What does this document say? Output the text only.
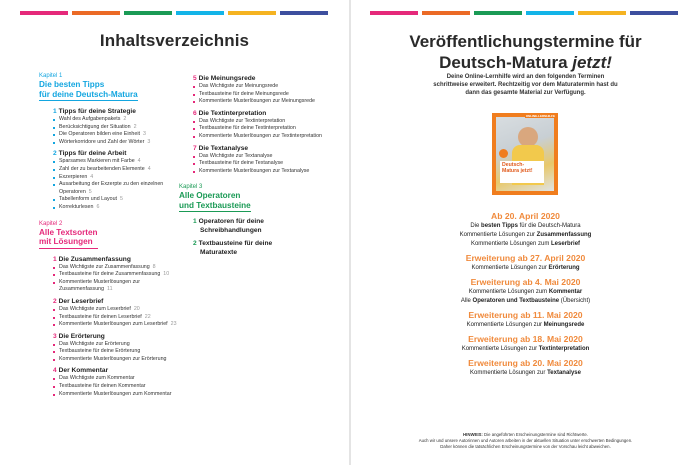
Inhaltsverzeichnis
Kapitel 1
Die besten Tipps
für deine Deutsch-Matura
1 Tipps für deine Strategie
Wahl des Aufgabenpakets 2
Berücksichtigung der Situation 2
Die Operatoren bilden eine Einheit 3
Wörterkorridore und Zahl der Wörter 3
2 Tipps für deine Arbeit
Sparsames Markieren mit Farbe 4
Zahl der zu bearbeitenden Elemente 4
Exzerpieren 4
Ausarbeitung der Exzerpte zu den einzelnen Operatoren 5
Tabellenform und Layout 5
Korrekturlesen 6
Kapitel 2
Alle Textsorten
mit Lösungen
1 Die Zusammenfassung
Das Wichtigste zur Zusammenfassung 8
Textbausteine für deine Zusammenfassung 10
Kommentierte Musterlösungen zur Zusammenfassung 11
2 Der Leserbrief
Das Wichtigste zum Leserbrief 20
Textbausteine für deinen Leserbrief 22
Kommentierte Musterlösungen zum Leserbrief 23
3 Die Erörterung
Das Wichtigste zur Erörterung
Textbausteine für deine Erörterung
Kommentierte Musterlösungen zur Erörterung
4 Der Kommentar
Das Wichtigste zum Kommentar
Textbausteine für deinen Kommentar
Kommentierte Musterlösungen zum Kommentar
5 Die Meinungsrede
Das Wichtigste zur Meinungsrede
Textbausteine für deine Meinungsrede
Kommentierte Musterlösungen zur Meinungsrede
6 Die Textinterpretation
Das Wichtigste zur Textinterpretation
Textbausteine für deine Textinterpretation
Kommentierte Musterlösungen zur Textinterpretation
7 Die Textanalyse
Das Wichtigste zur Textanalyse
Textbausteine für deine Textanalyse
Kommentierte Musterlösungen zur Textanalyse
Kapitel 3
Alle Operatoren
und Textbausteine
1 Operatoren für deine
Schreibhandlungen
2 Textbausteine für deine
Maturatexte
Veröffentlichungstermine für
Deutsch-Matura jetzt!
Deine Online-Lernhilfe wird an den folgenden Terminen
schrittweise erweitert. Rechtzeitig vor dem Maturatermin hast du
dann das gesamte Material zur Verfügung.
Deutsch-
Matura jetzt!
ONLINE-LERNHILFE
Ab 20. April 2020
Die besten Tipps für die Deutsch-Matura
Kommentierte Lösungen zur Zusammenfassung
Kommentierte Lösungen zum Leserbrief
Erweiterung ab 27. April 2020
Kommentierte Lösungen zur Erörterung
Erweiterung ab 4. Mai 2020
Kommentierte Lösungen zum Kommentar
Alle Operatoren und Textbausteine (Übersicht)
Erweiterung ab 11. Mai 2020
Kommentierte Lösungen zur Meinungsrede
Erweiterung ab 18. Mai 2020
Kommentierte Lösungen zur Textinterpretation
Erweiterung ab 20. Mai 2020
Kommentierte Lösungen zur Textanalyse
HINWEIS: Die angeführten Erscheinungstermine sind Richtwerte.
Auch wir und unsere Autorinnen und Autoren arbeiten in der aktuellen Situation unter erschwerten Bedingungen.
Daher können die tatsächlichen Erscheinungstermine von der Vorschau leicht abweichen.
